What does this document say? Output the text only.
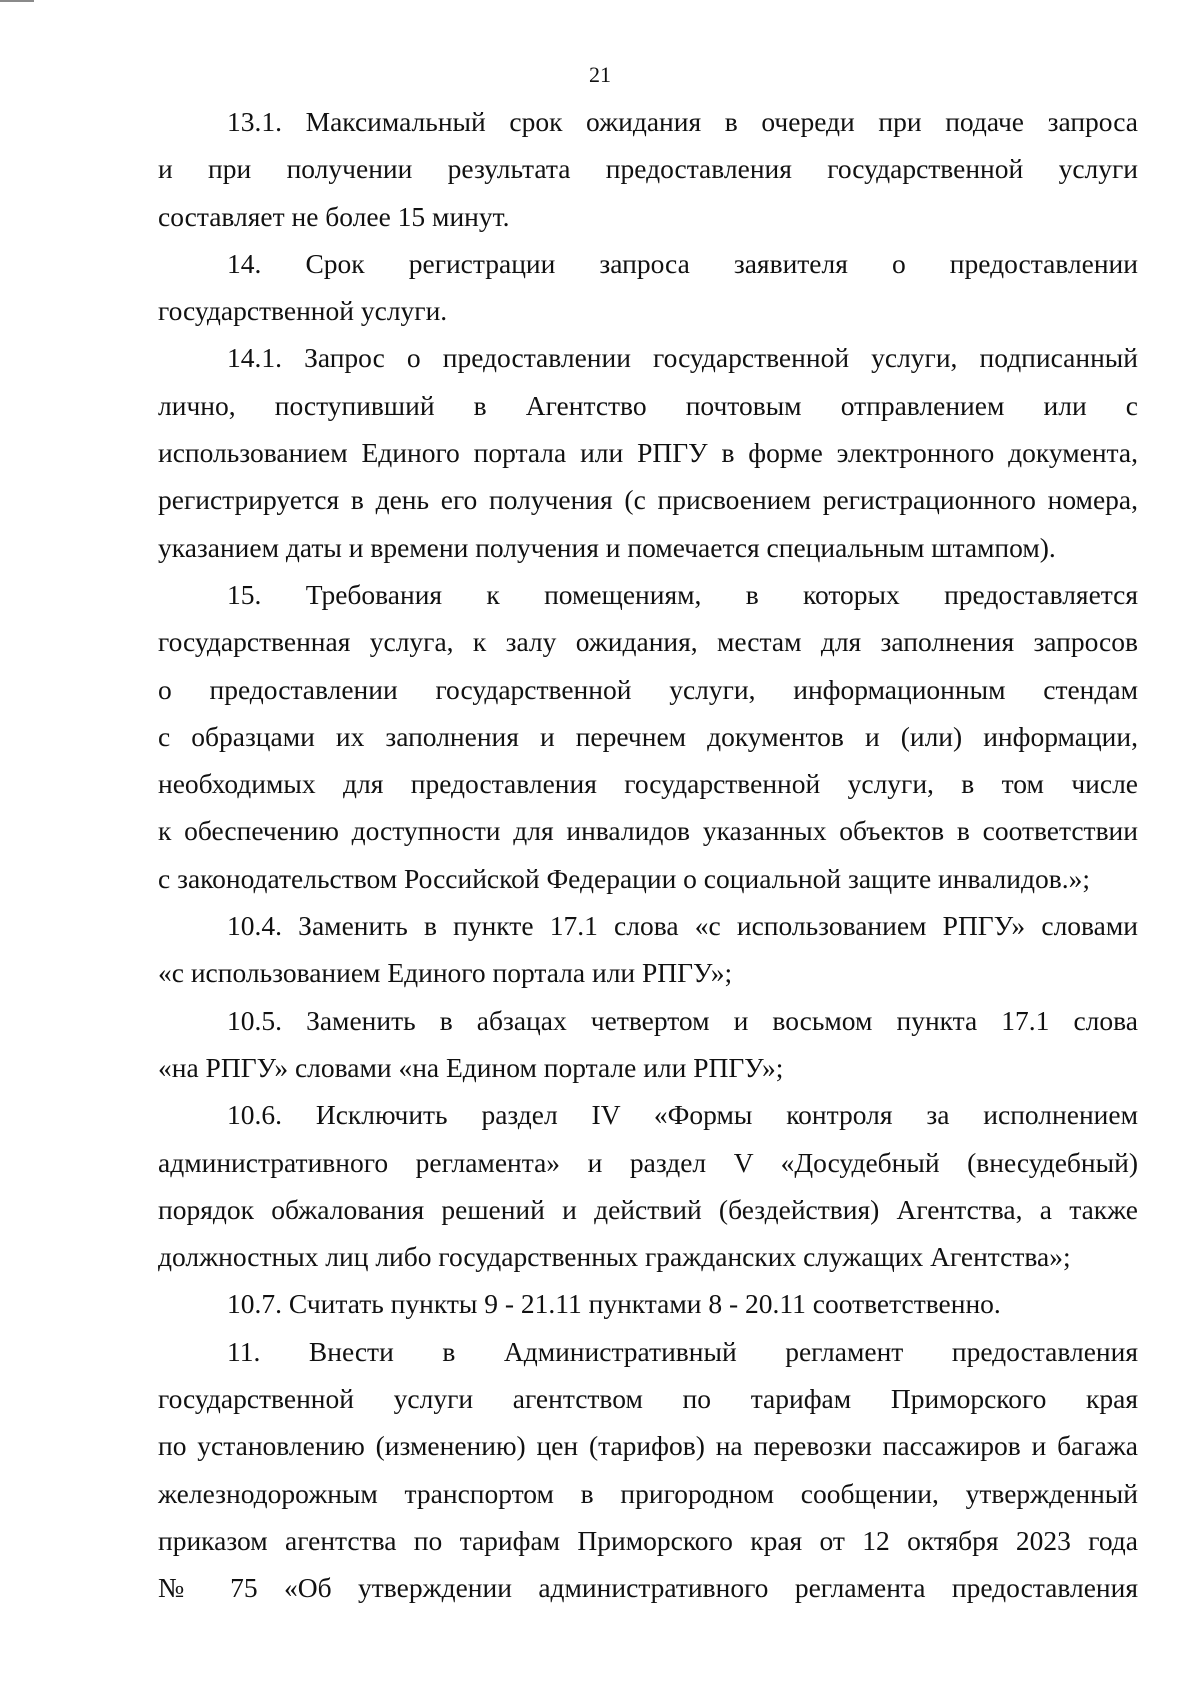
21
13.1. Максимальный срок ожидания в очереди при подаче запроса
и при получении результата предоставления государственной услуги
составляет не более 15 минут.
14. Срок регистрации запроса заявителя о предоставлении
государственной услуги.
14.1. Запрос о предоставлении государственной услуги, подписанный
лично, поступивший в Агентство почтовым отправлением или с
использованием Единого портала или РПГУ в форме электронного документа,
регистрируется в день его получения (с присвоением регистрационного номера,
указанием даты и времени получения и помечается специальным штампом).
15. Требования к помещениям, в которых предоставляется
государственная услуга, к залу ожидания, местам для заполнения запросов
о предоставлении государственной услуги, информационным стендам
с образцами их заполнения и перечнем документов и (или) информации,
необходимых для предоставления государственной услуги, в том числе
к обеспечению доступности для инвалидов указанных объектов в соответствии
с законодательством Российской Федерации о социальной защите инвалидов.»;
10.4. Заменить в пункте 17.1 слова «с использованием РПГУ» словами
«с использованием Единого портала или РПГУ»;
10.5. Заменить в абзацах четвертом и восьмом пункта 17.1 слова
«на РПГУ» словами «на Едином портале или РПГУ»;
10.6. Исключить раздел IV «Формы контроля за исполнением
административного регламента» и раздел V «Досудебный (внесудебный)
порядок обжалования решений и действий (бездействия) Агентства, а также
должностных лиц либо государственных гражданских служащих Агентства»;
10.7. Считать пункты 9 - 21.11 пунктами 8 - 20.11 соответственно.
11. Внести в Административный регламент предоставления
государственной услуги агентством по тарифам Приморского края
по установлению (изменению) цен (тарифов) на перевозки пассажиров и багажа
железнодорожным транспортом в пригородном сообщении, утвержденный
приказом агентства по тарифам Приморского края от 12 октября 2023 года
№ 75 «Об утверждении административного регламента предоставления
